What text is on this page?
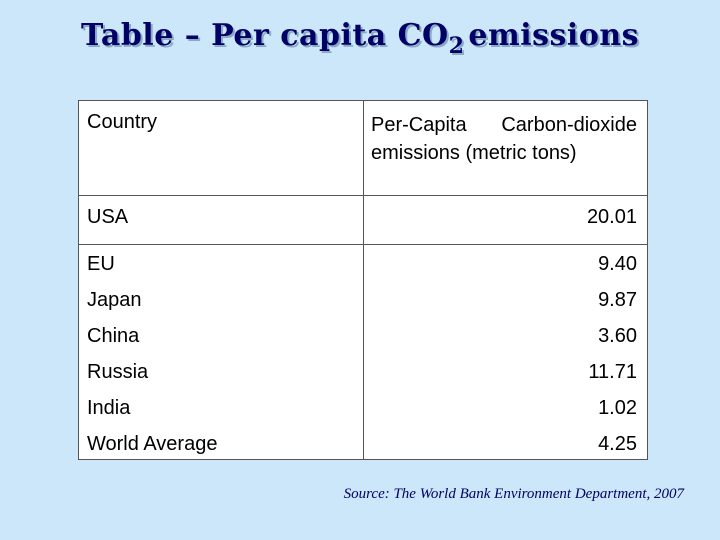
Table – Per capita $CO_2$ emissions
Country	Per-Capita Carbon-dioxide emissions (metric tons)
USA	20.01
EU	9.40
Japan	9.87
China	3.60
Russia	11.71
India	1.02
World Average	4.25
Source: The World Bank Environment Department, 2007
